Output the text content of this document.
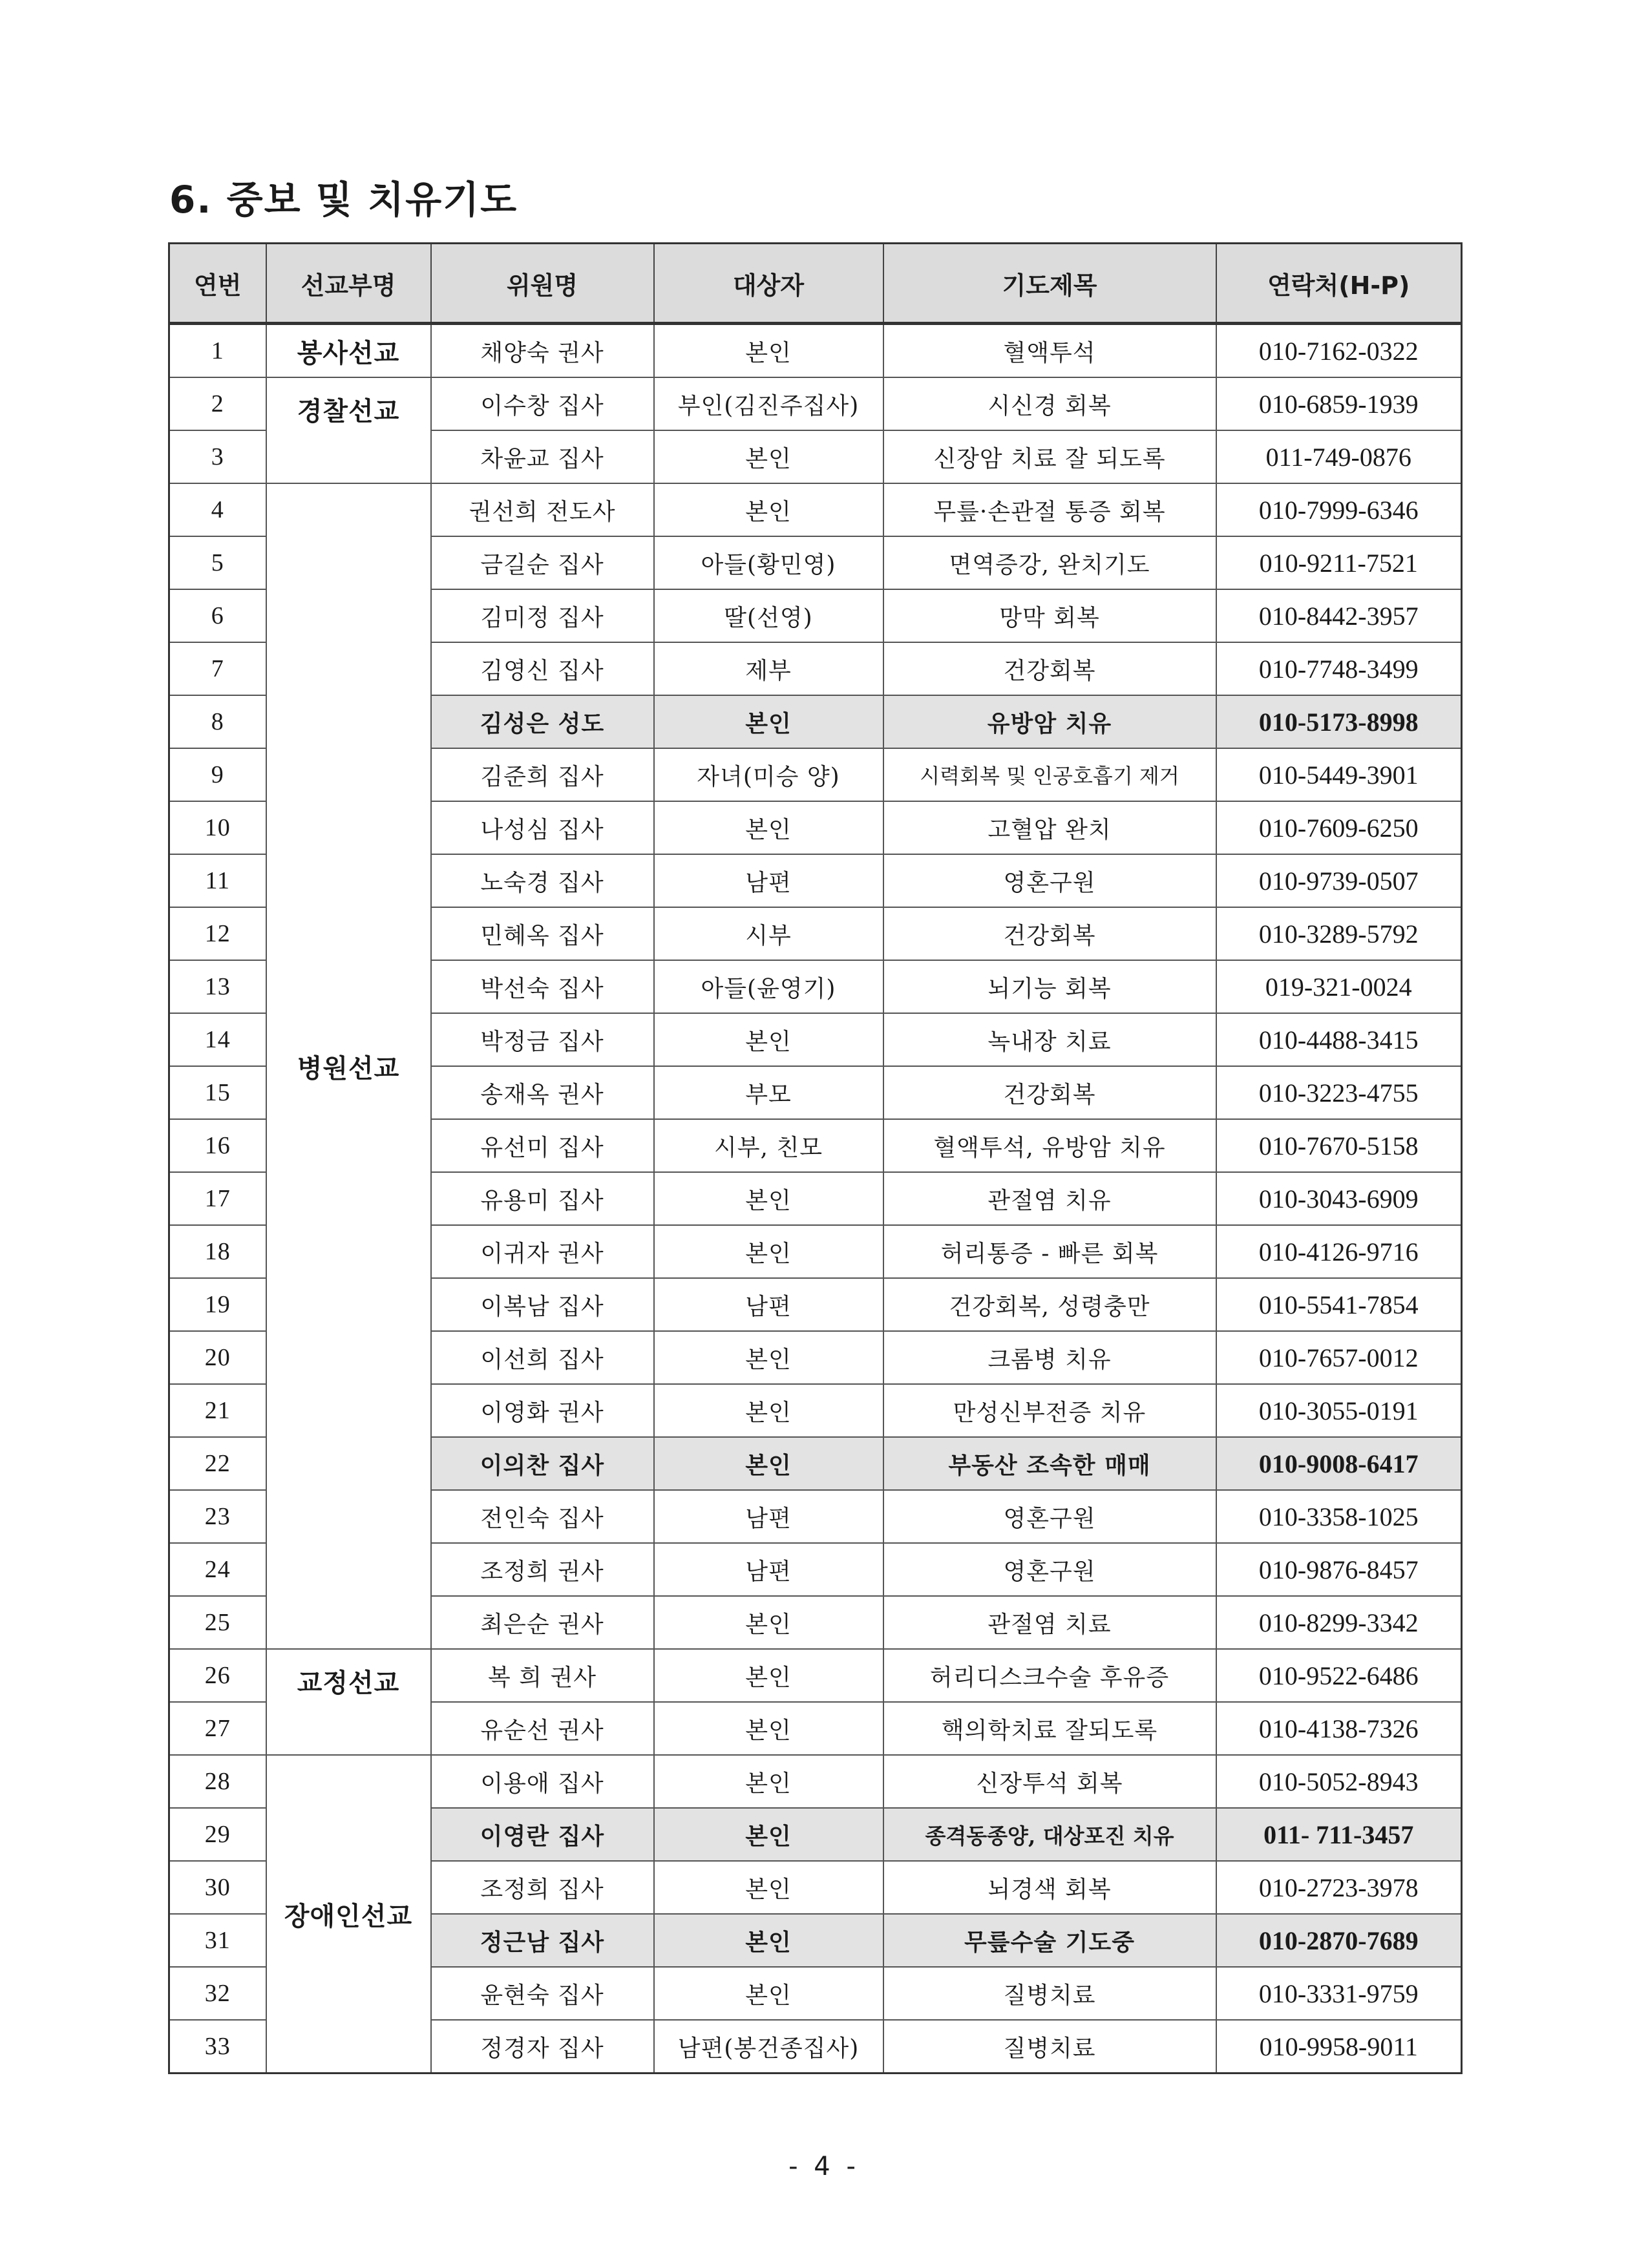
6. 중보 및 치유기도
연번	선교부명	위원명	대상자	기도제목	연락처(H-P)
1	봉사선교	채양숙 권사	본인	혈액투석	010-7162-0322
2	경찰선교	이수창 집사	부인(김진주집사)	시신경 회복	010-6859-1939
3		차윤교 집사	본인	신장암 치료 잘 되도록	011-749-0876
4	병원선교	권선희 전도사	본인	무릎·손관절 통증 회복	010-7999-6346
5		금길순 집사	아들(황민영)	면역증강, 완치기도	010-9211-7521
6		김미정 집사	딸(선영)	망막 회복	010-8442-3957
7		김영신 집사	제부	건강회복	010-7748-3499
8		김성은 성도	본인	유방암 치유	010-5173-8998
9		김준희 집사	자녀(미승 양)	시력회복 및 인공호흡기 제거	010-5449-3901
10		나성심 집사	본인	고혈압 완치	010-7609-6250
11		노숙경 집사	남편	영혼구원	010-9739-0507
12		민혜옥 집사	시부	건강회복	010-3289-5792
13		박선숙 집사	아들(윤영기)	뇌기능 회복	019-321-0024
14		박정금 집사	본인	녹내장 치료	010-4488-3415
15		송재옥 권사	부모	건강회복	010-3223-4755
16		유선미 집사	시부, 친모	혈액투석, 유방암 치유	010-7670-5158
17		유용미 집사	본인	관절염 치유	010-3043-6909
18		이귀자 권사	본인	허리통증 - 빠른 회복	010-4126-9716
19		이복남 집사	남편	건강회복, 성령충만	010-5541-7854
20		이선희 집사	본인	크롬병 치유	010-7657-0012
21		이영화 권사	본인	만성신부전증 치유	010-3055-0191
22		이의찬 집사	본인	부동산 조속한 매매	010-9008-6417
23		전인숙 집사	남편	영혼구원	010-3358-1025
24		조정희 권사	남편	영혼구원	010-9876-8457
25		최은순 권사	본인	관절염 치료	010-8299-3342
26	교정선교	복 희 권사	본인	허리디스크수술 후유증	010-9522-6486
27		유순선 권사	본인	핵의학치료 잘되도록	010-4138-7326
28	장애인선교	이용애 집사	본인	신장투석 회복	010-5052-8943
29		이영란 집사	본인	종격동종양, 대상포진 치유	011- 711-3457
30		조정희 집사	본인	뇌경색 회복	010-2723-3978
31		정근남 집사	본인	무릎수술 기도중	010-2870-7689
32		윤현숙 집사	본인	질병치료	010-3331-9759
33		정경자 집사	남편(봉건종집사)	질병치료	010-9958-9011
- 4 -
